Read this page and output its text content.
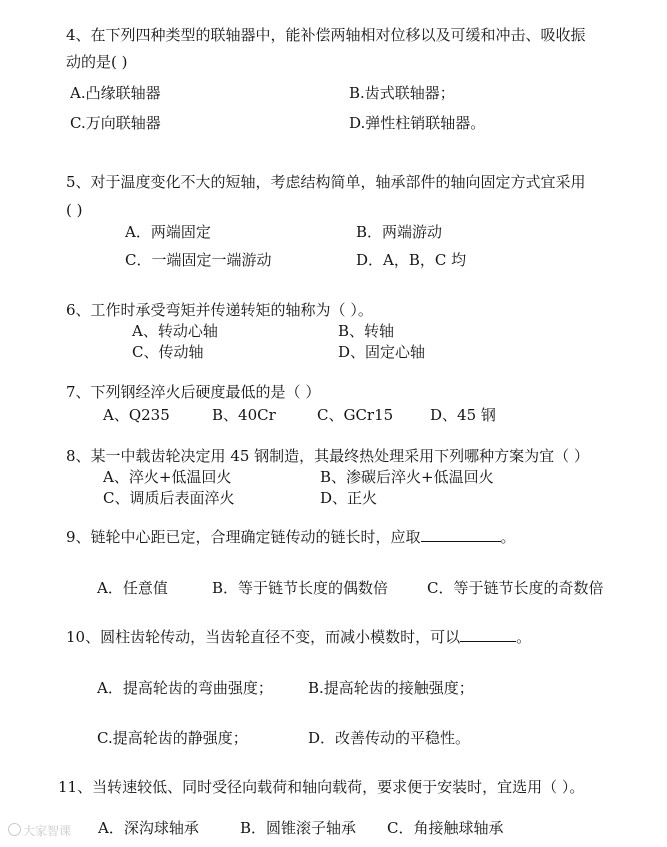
4、在下列四种类型的联轴器中，能补偿两轴相对位移以及可缓和冲击、吸收振
动的是( )
A.凸缘联轴器	B.齿式联轴器；
C.万向联轴器	D.弹性柱销联轴器。
5、对于温度变化不大的短轴，考虑结构简单，轴承部件的轴向固定方式宜采用
( )
A．两端固定	B．两端游动
C．一端固定一端游动	D．A，B，C 均
6、工作时承受弯矩并传递转矩的轴称为（ ）。
A、转动心轴	B、转轴
C、传动轴	D、固定心轴
7、下列钢经淬火后硬度最低的是（ ）
A、Q235	B、40Cr	C、GCr15 D、45 钢
8、某一中载齿轮决定用 45 钢制造，其最终热处理采用下列哪种方案为宜（ ）
A、淬火+低温回火	B、渗碳后淬火+低温回火
C、调质后表面淬火	D、正火
9、链轮中心距已定，合理确定链传动的链长时，应取	。
A．任意值	B．等于链节长度的偶数倍	C．等于链节长度的奇数倍
10、圆柱齿轮传动，当齿轮直径不变，而减小模数时，可以	。
A．提高轮齿的弯曲强度； B.提高轮齿的接触强度；
C.提高轮齿的静强度；	D．改善传动的平稳性。
11、当转速较低、同时受径向载荷和轴向载荷，要求便于安装时，宜选用（ ）。
A．深沟球轴承	B．圆锥滚子轴承 C．角接触球轴承
大家智课
